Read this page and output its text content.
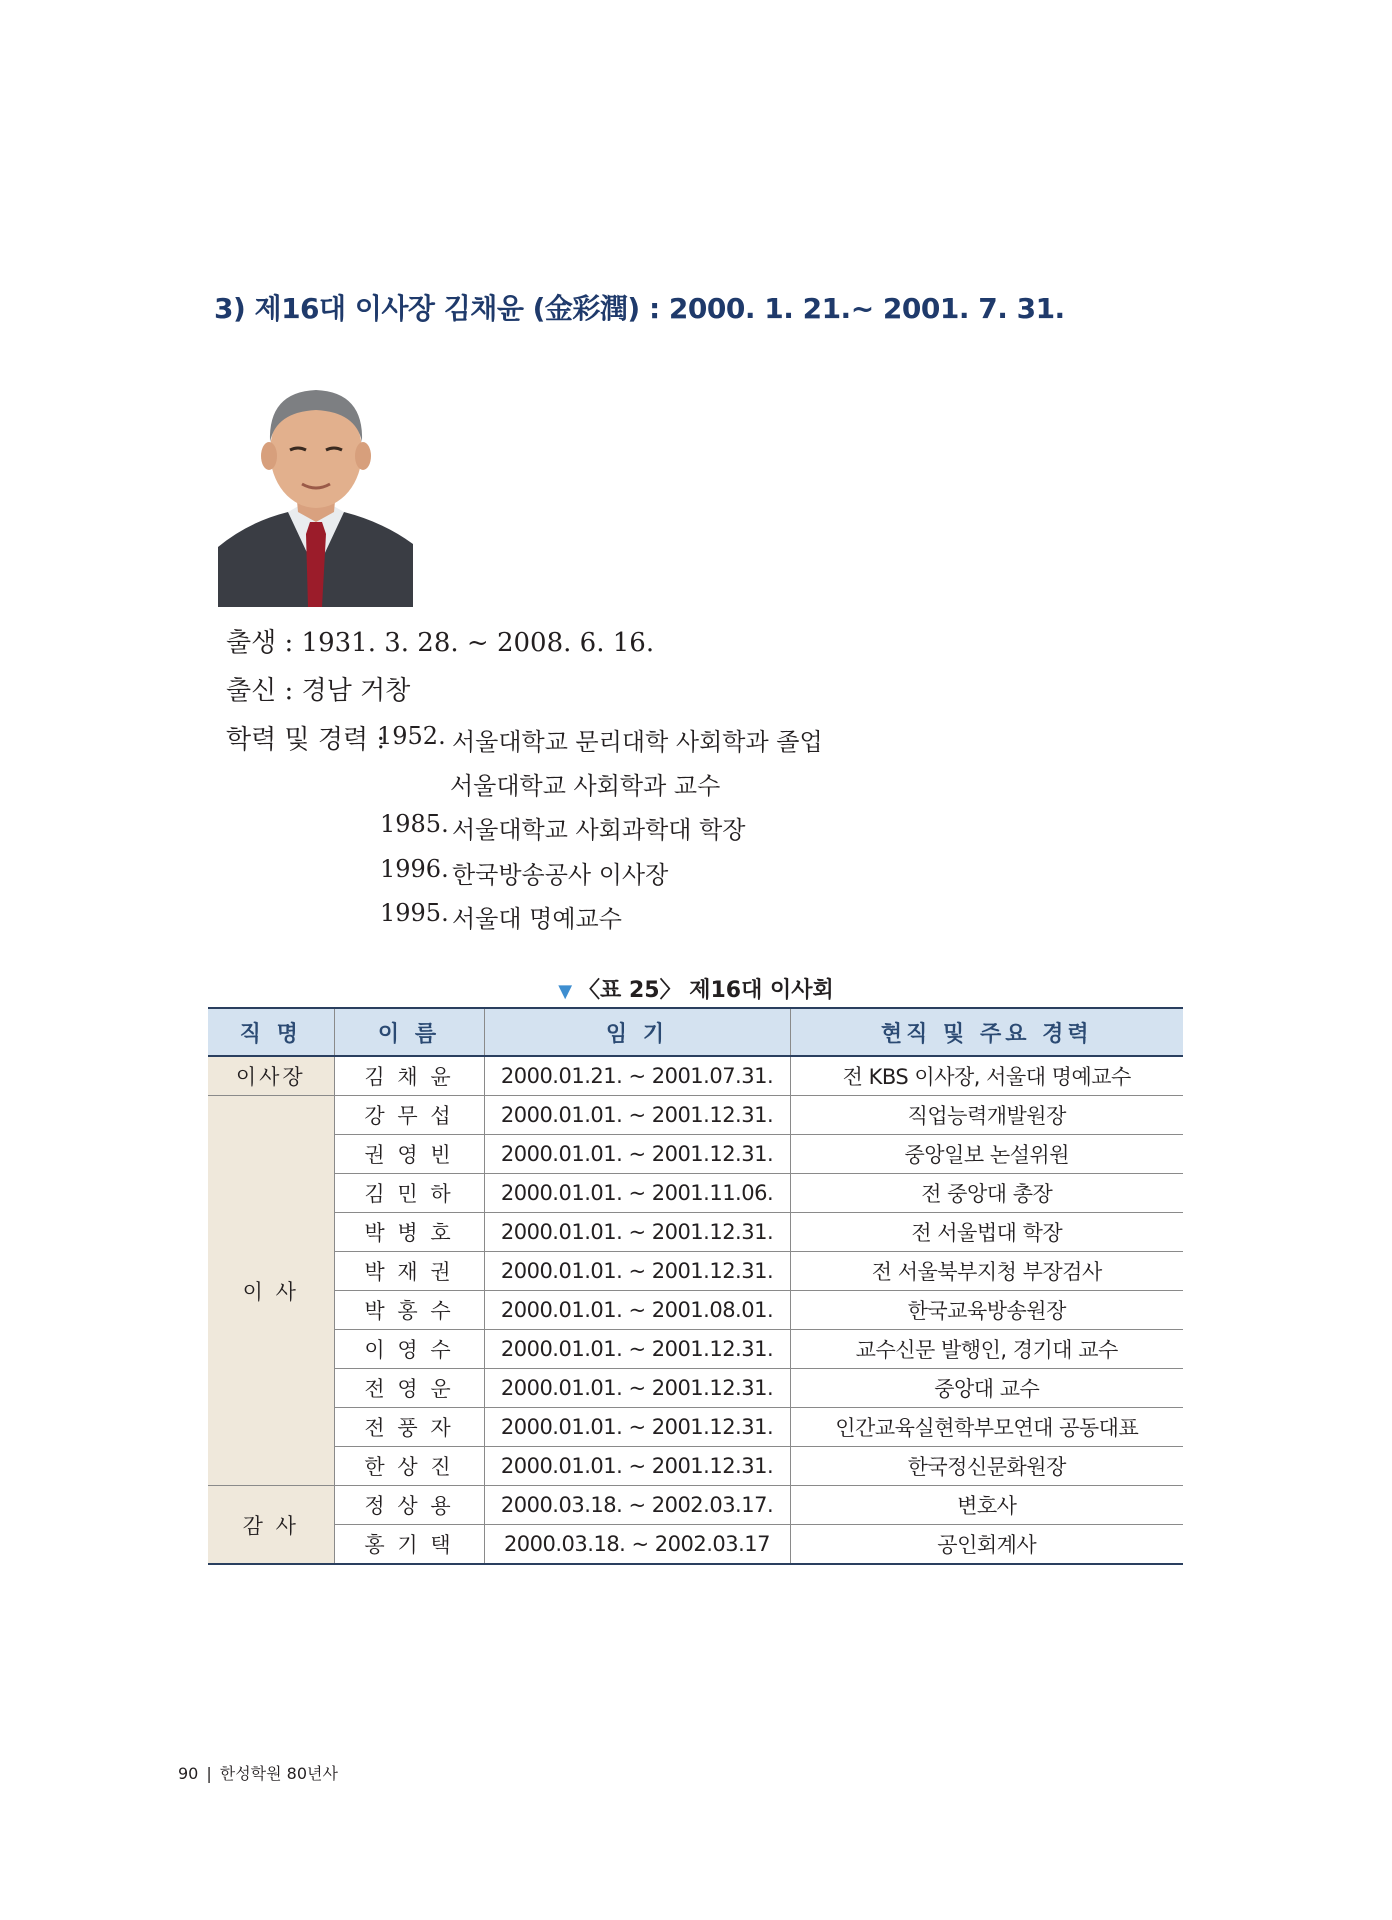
3) 제16대 이사장 김채윤 (金彩潤) : 2000. 1. 21.~ 2001. 7. 31.
출생 : 1931. 3. 28. ~ 2008. 6. 16.
출신 : 경남 거창
학력 및 경력 :
1952. 서울대학교 문리대학 사회학과 졸업
서울대학교 사회학과 교수
1985. 서울대학교 사회과학대 학장
1996. 한국방송공사 이사장
1995. 서울대 명예교수
▼ 〈표 25〉 제16대 이사회
직 명	이 름	임 기	현직 및 주요 경력
이사장	김 채 윤	2000.01.21. ~ 2001.07.31.	전 KBS 이사장, 서울대 명예교수
이 사	강 무 섭	2000.01.01. ~ 2001.12.31.	직업능력개발원장
	권 영 빈	2000.01.01. ~ 2001.12.31.	중앙일보 논설위원
	김 민 하	2000.01.01. ~ 2001.11.06.	전 중앙대 총장
	박 병 호	2000.01.01. ~ 2001.12.31.	전 서울법대 학장
	박 재 권	2000.01.01. ~ 2001.12.31.	전 서울북부지청 부장검사
	박 홍 수	2000.01.01. ~ 2001.08.01.	한국교육방송원장
	이 영 수	2000.01.01. ~ 2001.12.31.	교수신문 발행인, 경기대 교수
	전 영 운	2000.01.01. ~ 2001.12.31.	중앙대 교수
	전 풍 자	2000.01.01. ~ 2001.12.31.	인간교육실현학부모연대 공동대표
	한 상 진	2000.01.01. ~ 2001.12.31.	한국정신문화원장
감 사	정 상 용	2000.03.18. ~ 2002.03.17.	변호사
	홍 기 택	2000.03.18. ~ 2002.03.17	공인회계사
90 | 한성학원 80년사
